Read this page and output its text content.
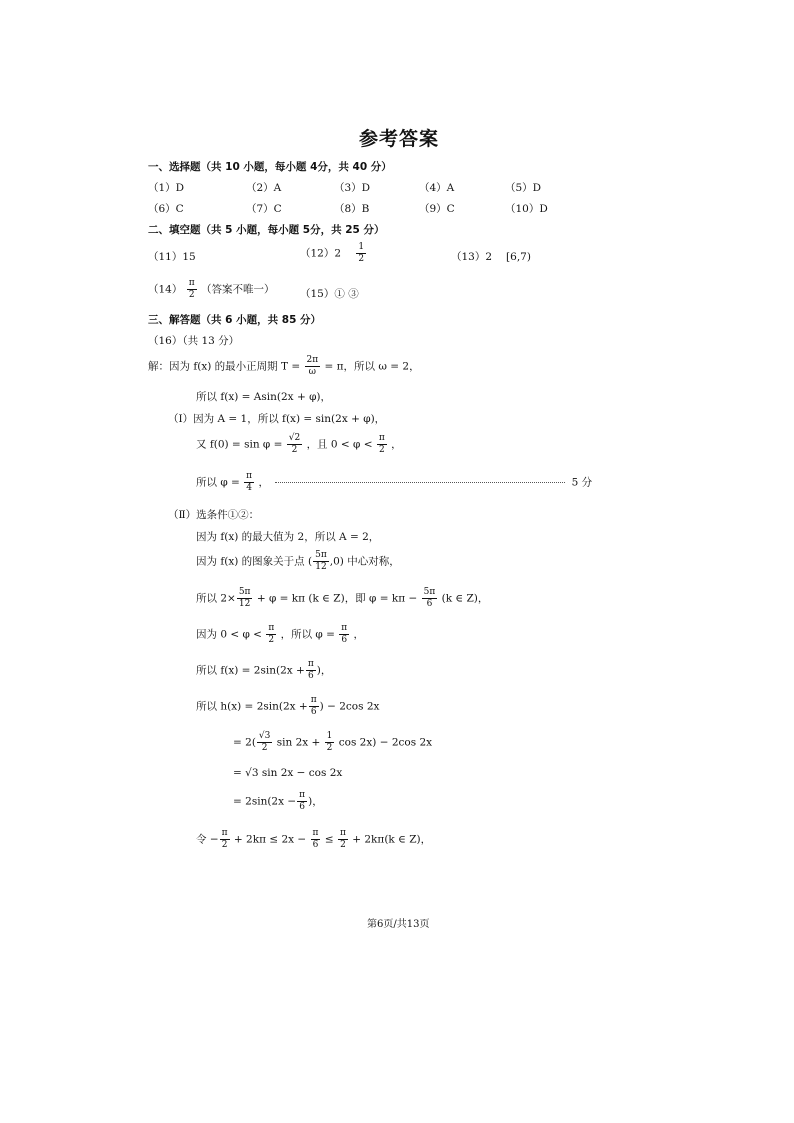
参考答案
一、选择题（共 10 小题，每小题 4分，共 40 分）
（1）D	（2）A	（3）D	（4）A	（5）D
（6）C	（7）C	（8）B	（9）C	（10）D
二、填空题（共 5 小题，每小题 5分，共 25 分）
（11）15	$(12)2 \frac{1}{2}$	（13）2 [6,7)
$(14) \frac{\pi}{2}$ （答案不唯一） （15）① ③
三、解答题（共 6 小题，共 85 分）
（16）（共 13 分）
解：因为 f(x) 的最小正周期 $T = \frac{2\pi}{\omega} = \pi$，所以 ω = 2，
所以 f(x) = Asin(2x + φ)，
（Ⅰ）因为 A = 1，所以 f(x) = sin(2x + φ)，
又 $f(0) = \sin \varphi = \frac{√2}{2}$ ，且 $0 < \varphi < \frac{\pi}{2}$ ，
所以 $\varphi = \frac{\pi}{4}$ ，	5 分
（Ⅱ）选条件①②：
因为 f(x) 的最大值为 2，所以 A = 2，
因为 f(x) 的图象关于点 ( $\frac{5\pi}{12} ,0$) 中心对称，
所以 $2\times \frac{5\pi}{12} + \varphi = k\pi$ (k ∈ Z)，即 $\varphi = k\pi - \frac{5\pi}{6} (k$ ∈ Z)，
因为 $0 < \varphi < \frac{\pi}{2}$ ，所以 $\varphi = \frac{\pi}{6}$ ，
所以 $f(x) = 2\sin(2x + \frac{\pi}{6}$ )，
所以 $h(x) = 2\sin(2x + \frac{\pi}{6}$ ) − 2cos 2x
= $2( \frac{√3}{2}$ $\sin 2x + \frac{1}{2}$ cos 2x) − 2cos 2x
= √3 sin 2x − cos 2x
= $2\sin(2x - \frac{\pi}{6}$ )，
令 − $\frac{\pi}{2} + 2k\pi \le 2x - \frac{\pi}{6} \le \frac{\pi}{2} + 2k\pi(k$ ∈ Z)，
第6页/共13页
